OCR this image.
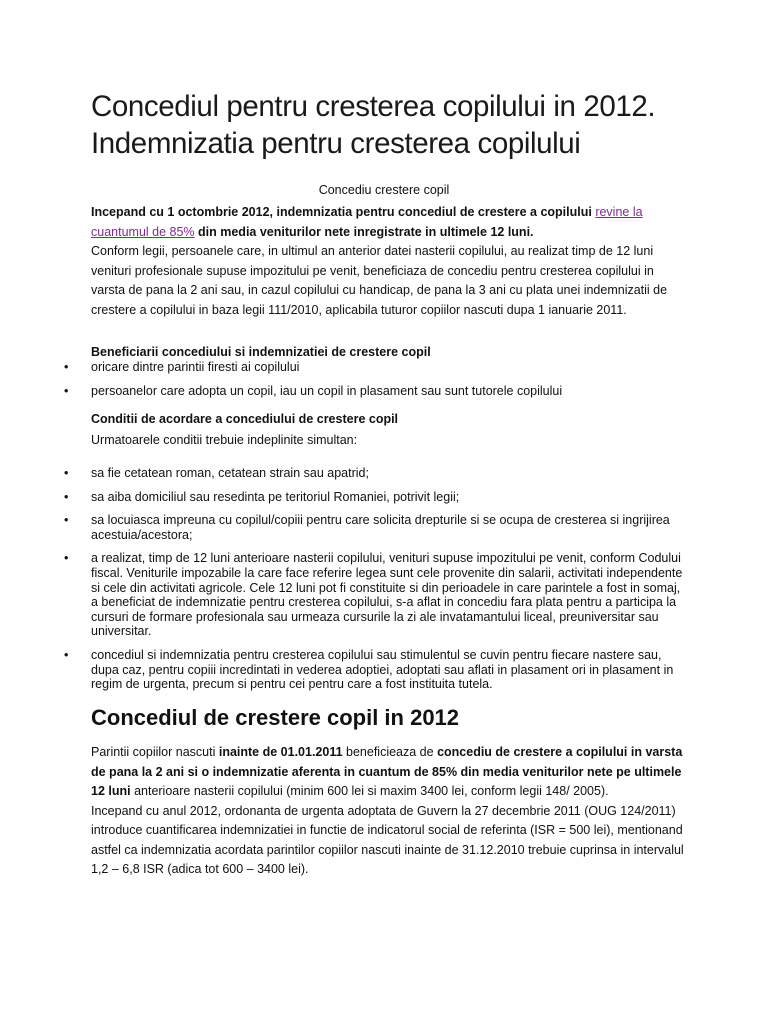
Concediul pentru cresterea copilului in 2012.
Indemnizatia pentru cresterea copilului
Concediu crestere copil

Incepand cu 1 octombrie 2012, indemnizatia pentru concediul de crestere a copilului revine la cuantumul de 85% din media veniturilor nete inregistrate in ultimele 12 luni.

Conform legii, persoanele care, in ultimul an anterior datei nasterii copilului, au realizat timp de 12 luni venituri profesionale supuse impozitului pe venit, beneficiaza de concediu pentru cresterea copilului in varsta de pana la 2 ani sau, in cazul copilului cu handicap, de pana la 3 ani cu plata unei indemnizatii de crestere a copilului in baza legii 111/2010, aplicabila tuturor copiilor nascuti dupa 1 ianuarie 2011.

Beneficiarii concediului si indemnizatiei de crestere copil

• oricare dintre parintii firesti ai copilului
• persoanelor care adopta un copil, iau un copil in plasament sau sunt tutorele copilului

Conditii de acordare a concediului de crestere copil

Urmatoarele conditii trebuie indeplinite simultan:

• sa fie cetatean roman, cetatean strain sau apatrid;
• sa aiba domiciliul sau resedinta pe teritoriul Romaniei, potrivit legii;
• sa locuiasca impreuna cu copilul/copiii pentru care solicita drepturile si se ocupa de cresterea si ingrijirea acestuia/acestora;
• a realizat, timp de 12 luni anterioare nasterii copilului, venituri supuse impozitului pe venit, conform Codului fiscal. Veniturile impozabile la care face referire legea sunt cele provenite din salarii, activitati independente si cele din activitati agricole. Cele 12 luni pot fi constituite si din perioadele in care parintele a fost in somaj, a beneficiat de indemnizatie pentru cresterea copilului, s-a aflat in concediu fara plata pentru a participa la cursuri de formare profesionala sau urmeaza cursurile la zi ale invatamantului liceal, preuniversitar sau universitar.
• concediul si indemnizatia pentru cresterea copilului sau stimulentul se cuvin pentru fiecare nastere sau, dupa caz, pentru copiii incredintati in vederea adoptiei, adoptati sau aflati in plasament ori in plasament in regim de urgenta, precum si pentru cei pentru care a fost instituita tutela.
Concediul de crestere copil in 2012

Parintii copiilor nascuti inainte de 01.01.2011 beneficieaza de concediu de crestere a copilului in varsta de pana la 2 ani si o indemnizatie aferenta in cuantum de 85% din media veniturilor nete pe ultimele 12 luni anterioare nasterii copilului (minim 600 lei si maxim 3400 lei, conform legii 148/ 2005).
Incepand cu anul 2012, ordonanta de urgenta adoptata de Guvern la 27 decembrie 2011 (OUG 124/2011) introduce cuantificarea indemnizatiei in functie de indicatorul social de referinta (ISR = 500 lei), mentionand astfel ca indemnizatia acordata parintilor copiilor nascuti inainte de 31.12.2010 trebuie cuprinsa in intervalul 1,2 – 6,8 ISR (adica tot 600 – 3400 lei).
